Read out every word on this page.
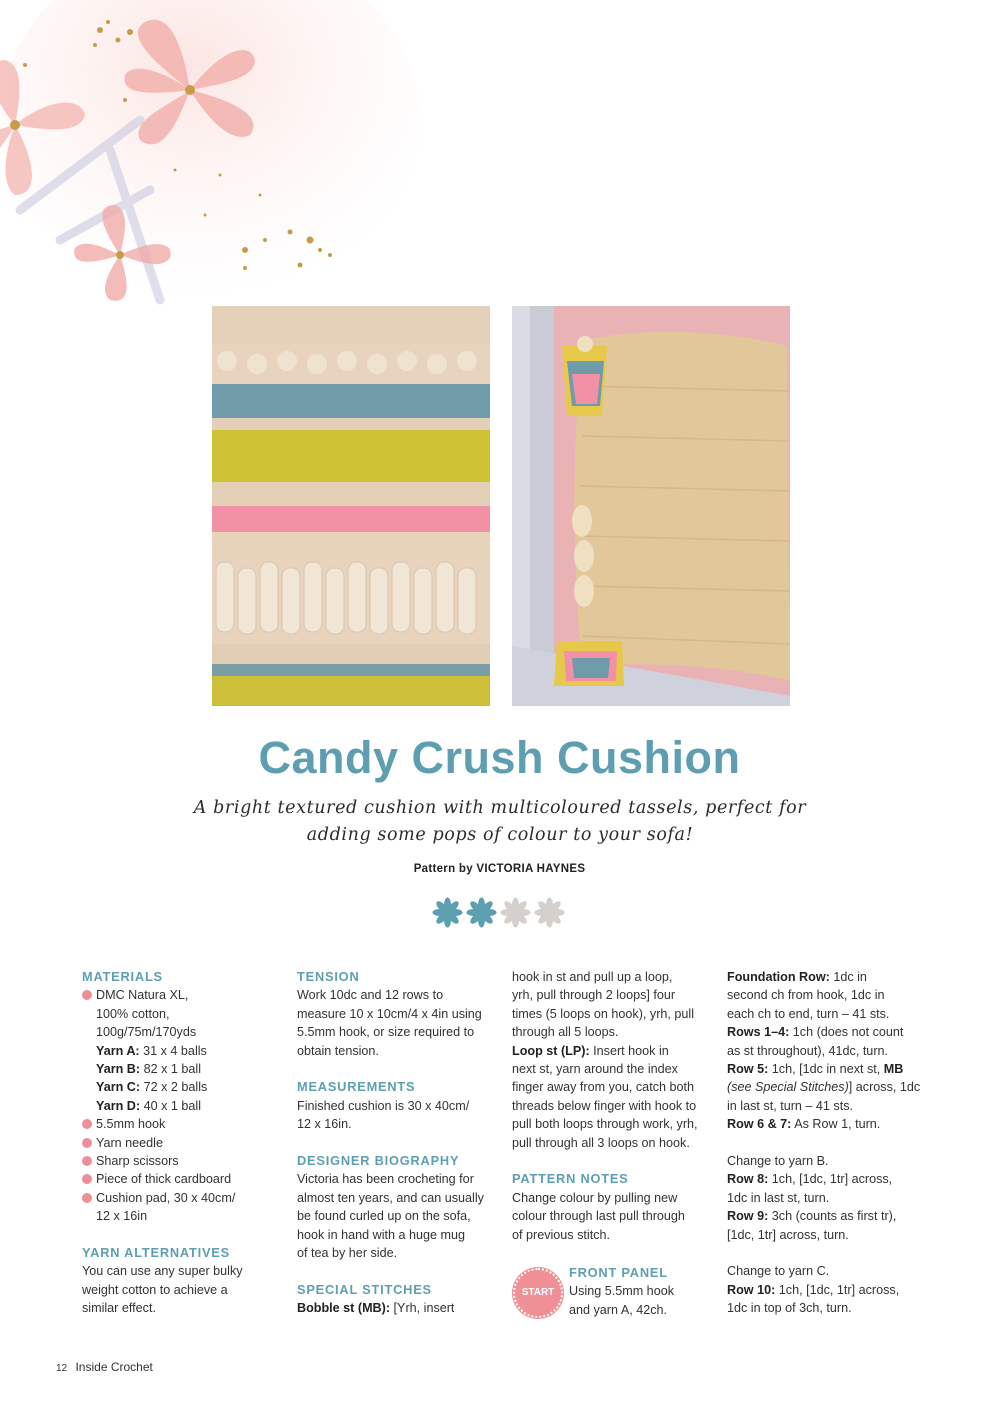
Candy Crush Cushion
A bright textured cushion with multicoloured tassels, perfect for
adding some pops of colour to your sofa!
Pattern by VICTORIA HAYNES

MATERIALS

DMC Natura XL,

100% cotton,

100g/75m/170yds

Yarn A: 31 x 4 balls

Yarn B: 82 x 1 ball

Yarn C: 72 x 2 balls

Yarn D: 40 x 1 ball

5.5mm hook

Yarn needle

Sharp scissors

Piece of thick cardboard

Cushion pad, 30 x 40cm/

12 x 16in

YARN ALTERNATIVES

You can use any super bulky

weight cotton to achieve a

similar effect.

TENSION

Work 10dc and 12 rows to

measure 10 x 10cm/4 x 4in using

5.5mm hook, or size required to

obtain tension.

MEASUREMENTS

Finished cushion is 30 x 40cm/

12 x 16in.

DESIGNER BIOGRAPHY

Victoria has been crocheting for

almost ten years, and can usually

be found curled up on the sofa,

hook in hand with a huge mug

of tea by her side.

SPECIAL STITCHES

Bobble st (MB): [Yrh, insert

hook in st and pull up a loop,

yrh, pull through 2 loops] four

times (5 loops on hook), yrh, pull

through all 5 loops.

Loop st (LP): Insert hook in

next st, yarn around the index

finger away from you, catch both

threads below finger with hook to

pull both loops through work, yrh,

pull through all 3 loops on hook.

PATTERN NOTES

Change colour by pulling new

colour through last pull through

of previous stitch.

START

FRONT PANEL

Using 5.5mm hook

and yarn A, 42ch.

Foundation Row: 1dc in

second ch from hook, 1dc in

each ch to end, turn – 41 sts.

Rows 1–4: 1ch (does not count

as st throughout), 41dc, turn.

Row 5: 1ch, [1dc in next st, MB

(see Special Stitches)] across, 1dc

in last st, turn – 41 sts.

Row 6 & 7: As Row 1, turn.

Change to yarn B.

Row 8: 1ch, [1dc, 1tr] across,

1dc in last st, turn.

Row 9: 3ch (counts as first tr),

[1dc, 1tr] across, turn.

Change to yarn C.

Row 10: 1ch, [1dc, 1tr] across,

1dc in top of 3ch, turn.

12 Inside Crochet
